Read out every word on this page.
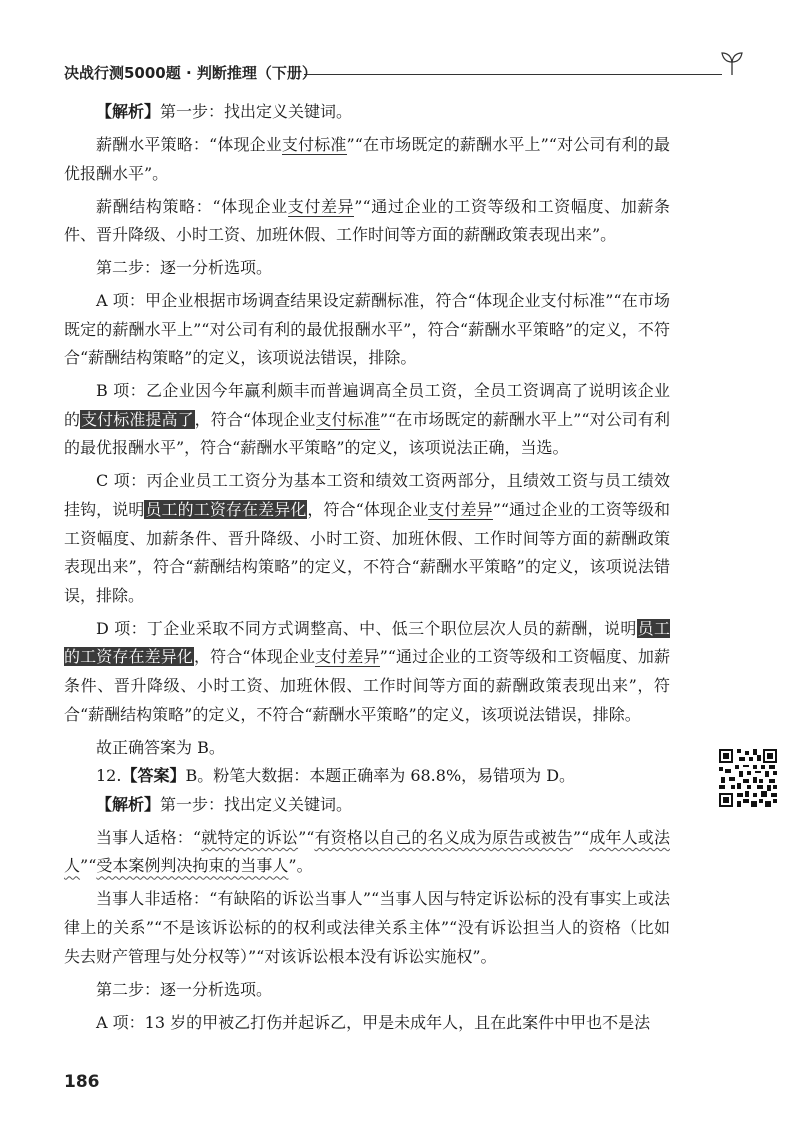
决战行测5000题 · 判断推理（下册）

【解析】第一步：找出定义关键词。

薪酬水平策略：“体现企业支付标准”“在市场既定的薪酬水平上”“对公司有利的最优报酬水平”。

薪酬结构策略：“体现企业支付差异”“通过企业的工资等级和工资幅度、加薪条件、晋升降级、小时工资、加班休假、工作时间等方面的薪酬政策表现出来”。

第二步：逐一分析选项。

A 项：甲企业根据市场调查结果设定薪酬标准，符合“体现企业支付标准”“在市场既定的薪酬水平上”“对公司有利的最优报酬水平”，符合“薪酬水平策略”的定义，不符合“薪酬结构策略”的定义，该项说法错误，排除。

B 项：乙企业因今年赢利颇丰而普遍调高全员工资，全员工资调高了说明该企业的支付标准提高了，符合“体现企业支付标准”“在市场既定的薪酬水平上”“对公司有利的最优报酬水平”，符合“薪酬水平策略”的定义，该项说法正确，当选。

C 项：丙企业员工工资分为基本工资和绩效工资两部分，且绩效工资与员工绩效挂钩，说明员工的工资存在差异化，符合“体现企业支付差异”“通过企业的工资等级和工资幅度、加薪条件、晋升降级、小时工资、加班休假、工作时间等方面的薪酬政策表现出来”，符合“薪酬结构策略”的定义，不符合“薪酬水平策略”的定义，该项说法错误，排除。

D 项：丁企业采取不同方式调整高、中、低三个职位层次人员的薪酬，说明员工的工资存在差异化，符合“体现企业支付差异”“通过企业的工资等级和工资幅度、加薪条件、晋升降级、小时工资、加班休假、工作时间等方面的薪酬政策表现出来”，符合“薪酬结构策略”的定义，不符合“薪酬水平策略”的定义，该项说法错误，排除。

故正确答案为 B。

12.【答案】B。粉笔大数据：本题正确率为 68.8%，易错项为 D。

【解析】第一步：找出定义关键词。

当事人适格：“就特定的诉讼”“有资格以自己的名义成为原告或被告”“成年人或法人”“受本案例判决拘束的当事人”。

当事人非适格：“有缺陷的诉讼当事人”“当事人因与特定诉讼标的没有事实上或法律上的关系”“不是该诉讼标的的权利或法律关系主体”“没有诉讼担当人的资格（比如失去财产管理与处分权等）”“对该诉讼根本没有诉讼实施权”。

第二步：逐一分析选项。

A 项：13 岁的甲被乙打伤并起诉乙，甲是未成年人，且在此案件中甲也不是法

186
